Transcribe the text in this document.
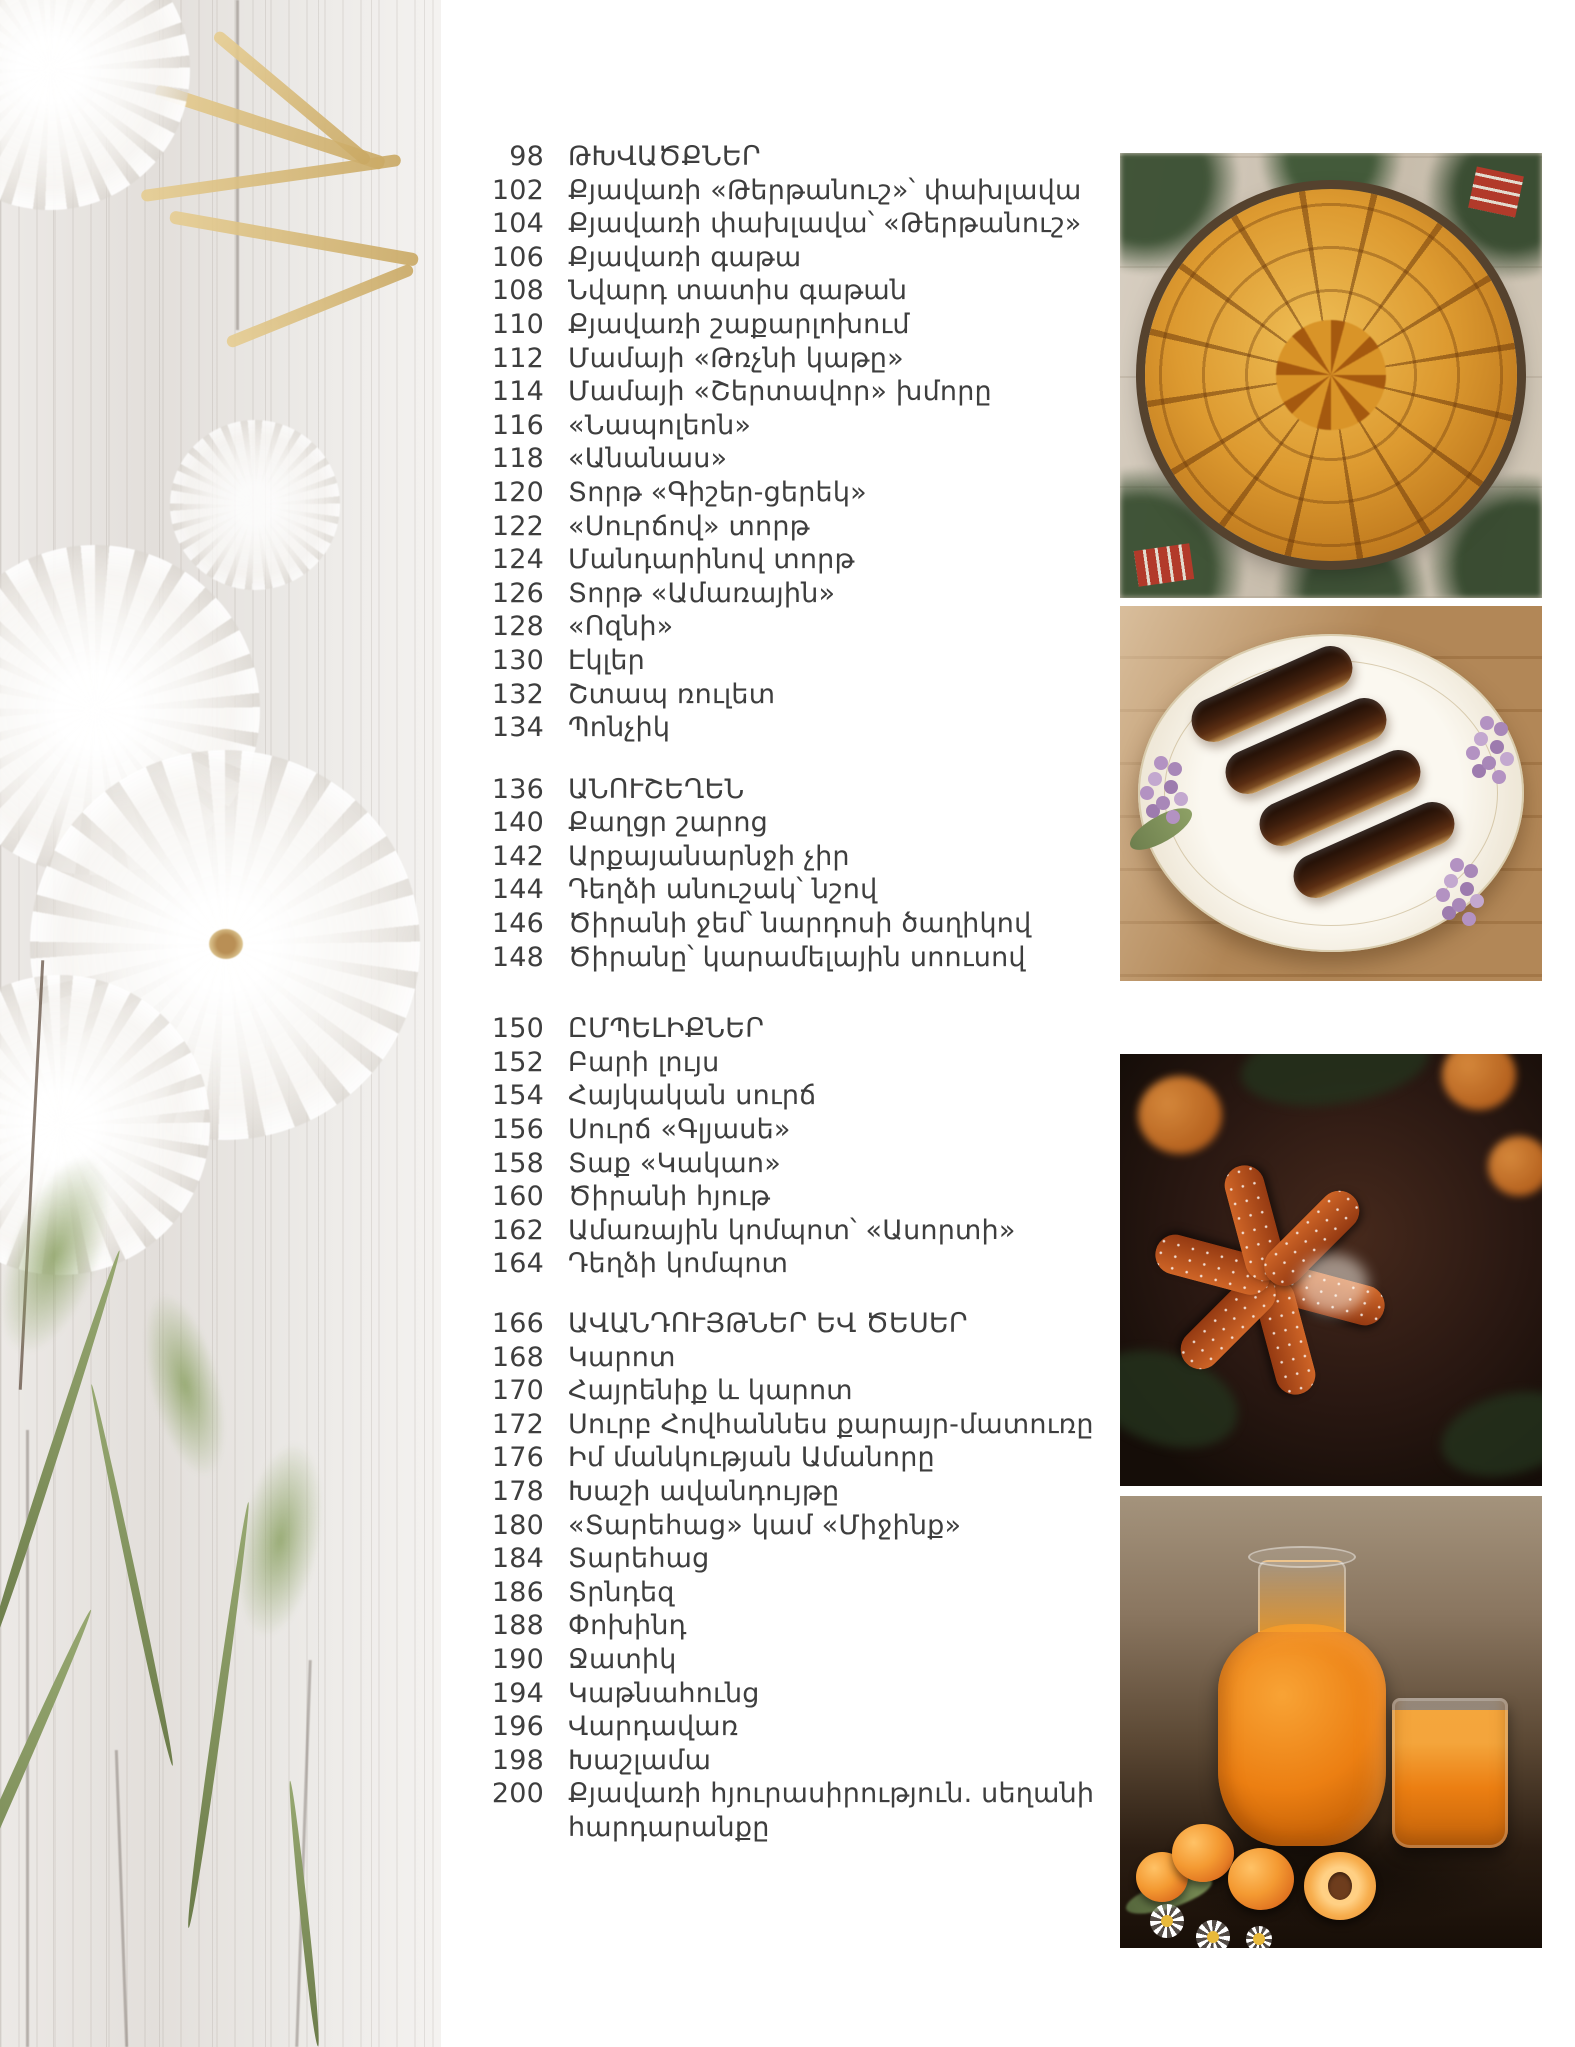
98 ԹԽՎԱԾՔՆԵՐ
102 Քյավառի «Թերթանուշ»՝ փախլավա
104 Քյավառի փախլավա՝ «Թերթանուշ»
106 Քյավառի գաթա
108 Նվարդ տատիս գաթան
110 Քյավառի շաքարլոխում
112 Մամայի «Թռչնի կաթը»
114 Մամայի «Շերտավոր» խմորը
116 «Նապոլեոն»
118 «Անանաս»
120 Տորթ «Գիշեր-ցերեկ»
122 «Սուրճով» տորթ
124 Մանդարինով տորթ
126 Տորթ «Ամառային»
128 «Ոզնի»
130 Էկլեր
132 Շտապ ռուլետ
134 Պոնչիկ
136 ԱՆՈՒՇԵՂԵՆ
140 Քաղցր շարոց
142 Արքայանարնջի չիր
144 Դեղձի անուշակ՝ նշով
146 Ծիրանի ջեմ՝ նարդոսի ծաղիկով
148 Ծիրանը՝ կարամելային սոուսով
150 ԸՄՊԵԼԻՔՆԵՐ
152 Բարի լույս
154 Հայկական սուրճ
156 Սուրճ «Գլյասե»
158 Տաք «Կակաո»
160 Ծիրանի հյութ
162 Ամառային կոմպոտ՝ «Ասորտի»
164 Դեղձի կոմպոտ
166 ԱՎԱՆԴՈՒՅԹՆԵՐ ԵՎ ԾԵՍԵՐ
168 Կարոտ
170 Հայրենիք և կարոտ
172 Սուրբ Հովհաննես քարայր-մատուռը
176 Իմ մանկության Ամանորը
178 Խաշի ավանդույթը
180 «Տարեհաց» կամ «Միջինք»
184 Տարեհաց
186 Տրնդեզ
188 Փոխինդ
190 Ջատիկ
194 Կաթնահունց
196 Վարդավառ
198 Խաշլամա
200 Քյավառի հյուրասիրություն. սեղանի
հարդարանքը
